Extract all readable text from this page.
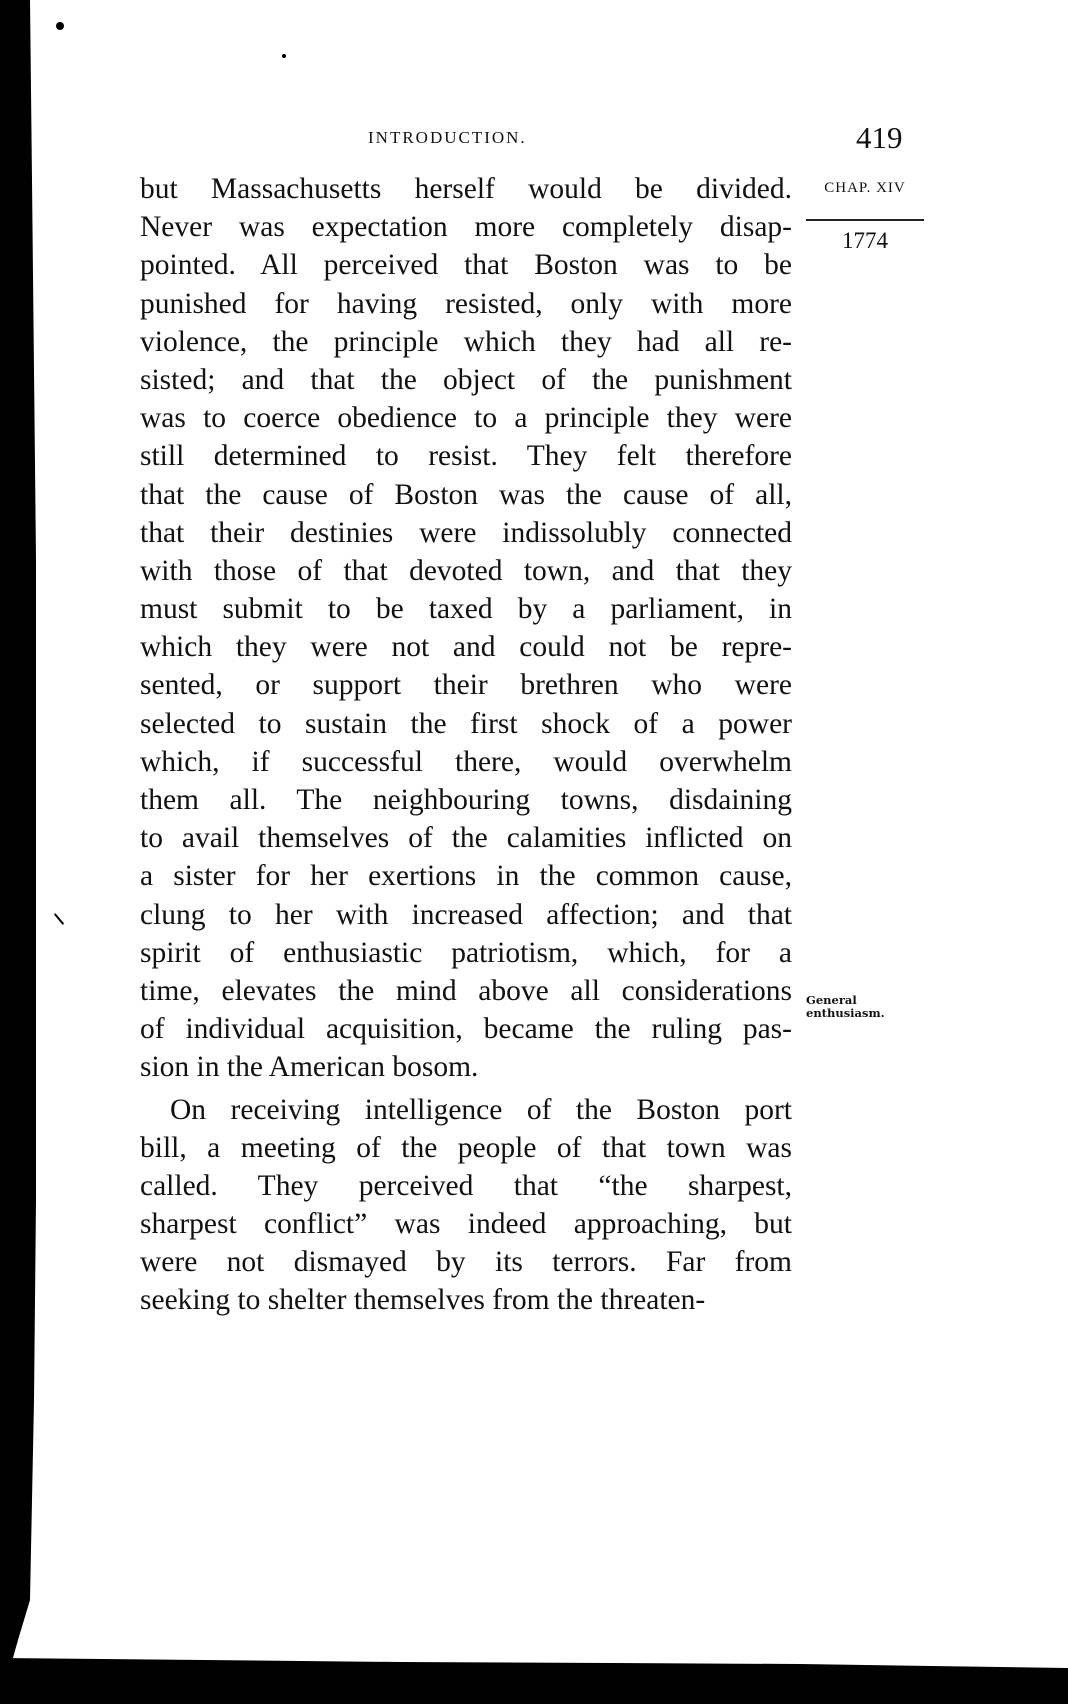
INTRODUCTION.	419
CHAP. XIV
1774
General
enthusiasm.
but Massachusetts herself would be divided.
Never was expectation more completely disap-
pointed. All perceived that Boston was to be
punished for having resisted, only with more
violence, the principle which they had all re-
sisted; and that the object of the punishment
was to coerce obedience to a principle they were
still determined to resist. They felt therefore
that the cause of Boston was the cause of all,
that their destinies were indissolubly connected
with those of that devoted town, and that they
must submit to be taxed by a parliament, in
which they were not and could not be repre-
sented, or support their brethren who were
selected to sustain the first shock of a power
which, if successful there, would overwhelm
them all. The neighbouring towns, disdaining
to avail themselves of the calamities inflicted on
a sister for her exertions in the common cause,
clung to her with increased affection; and that
spirit of enthusiastic patriotism, which, for a
time, elevates the mind above all considerations
of individual acquisition, became the ruling pas-
sion in the American bosom.
On receiving intelligence of the Boston port
bill, a meeting of the people of that town was
called. They perceived that “the sharpest,
sharpest conflict” was indeed approaching, but
were not dismayed by its terrors. Far from
seeking to shelter themselves from the threaten-
